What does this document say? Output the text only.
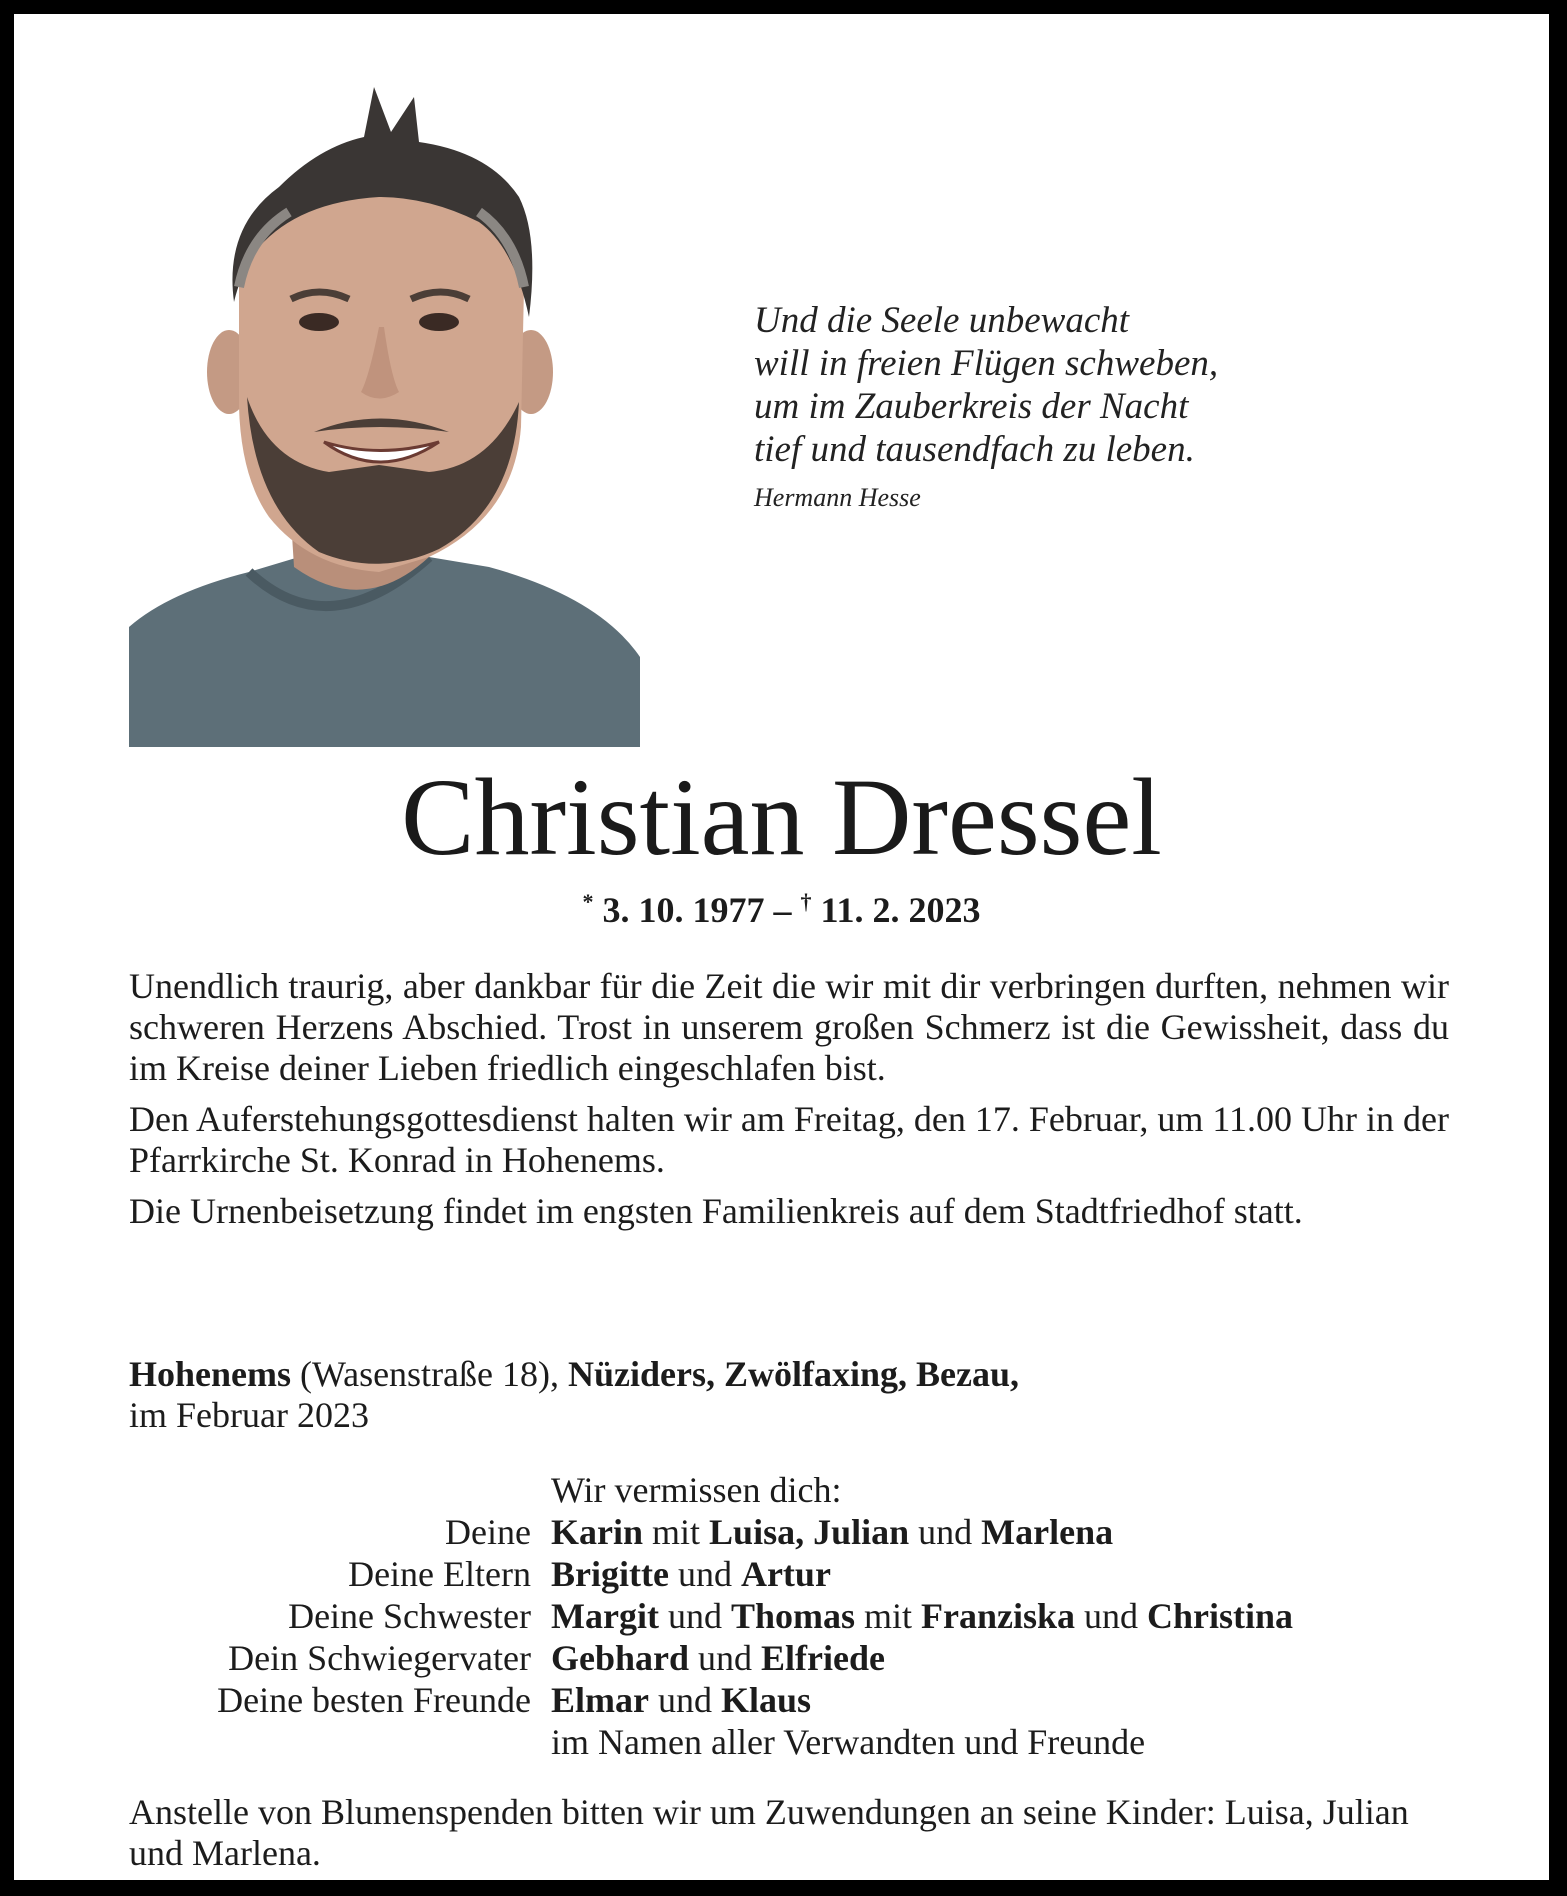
Und die Seele unbewacht
will in freien Flügen schweben,
um im Zauberkreis der Nacht
tief und tausendfach zu leben.
Hermann Hesse
Christian Dressel
* 3. 10. 1977 – † 11. 2. 2023

Unendlich traurig, aber dankbar für die Zeit die wir mit dir verbringen durften, nehmen wir schweren Herzens Abschied. Trost in unserem großen Schmerz ist die Gewissheit, dass du im Kreise deiner Lieben friedlich eingeschlafen bist.

Den Auferstehungsgottesdienst halten wir am Freitag, den 17. Februar, um 11.00 Uhr in der Pfarrkirche St. Konrad in Hohenems.

Die Urnenbeisetzung findet im engsten Familienkreis auf dem Stadtfriedhof statt.

Hohenems (Wasenstraße 18), Nüziders, Zwölfaxing, Bezau,
im Februar 2023
Wir vermissen dich:
Deine Karin mit Luisa, Julian und Marlena
Deine Eltern Brigitte und Artur
Deine Schwester Margit und Thomas mit Franziska und Christina
Dein Schwiegervater Gebhard und Elfriede
Deine besten Freunde Elmar und Klaus
im Namen aller Verwandten und Freunde
Anstelle von Blumenspenden bitten wir um Zuwendungen an seine Kinder: Luisa, Julian und Marlena.
